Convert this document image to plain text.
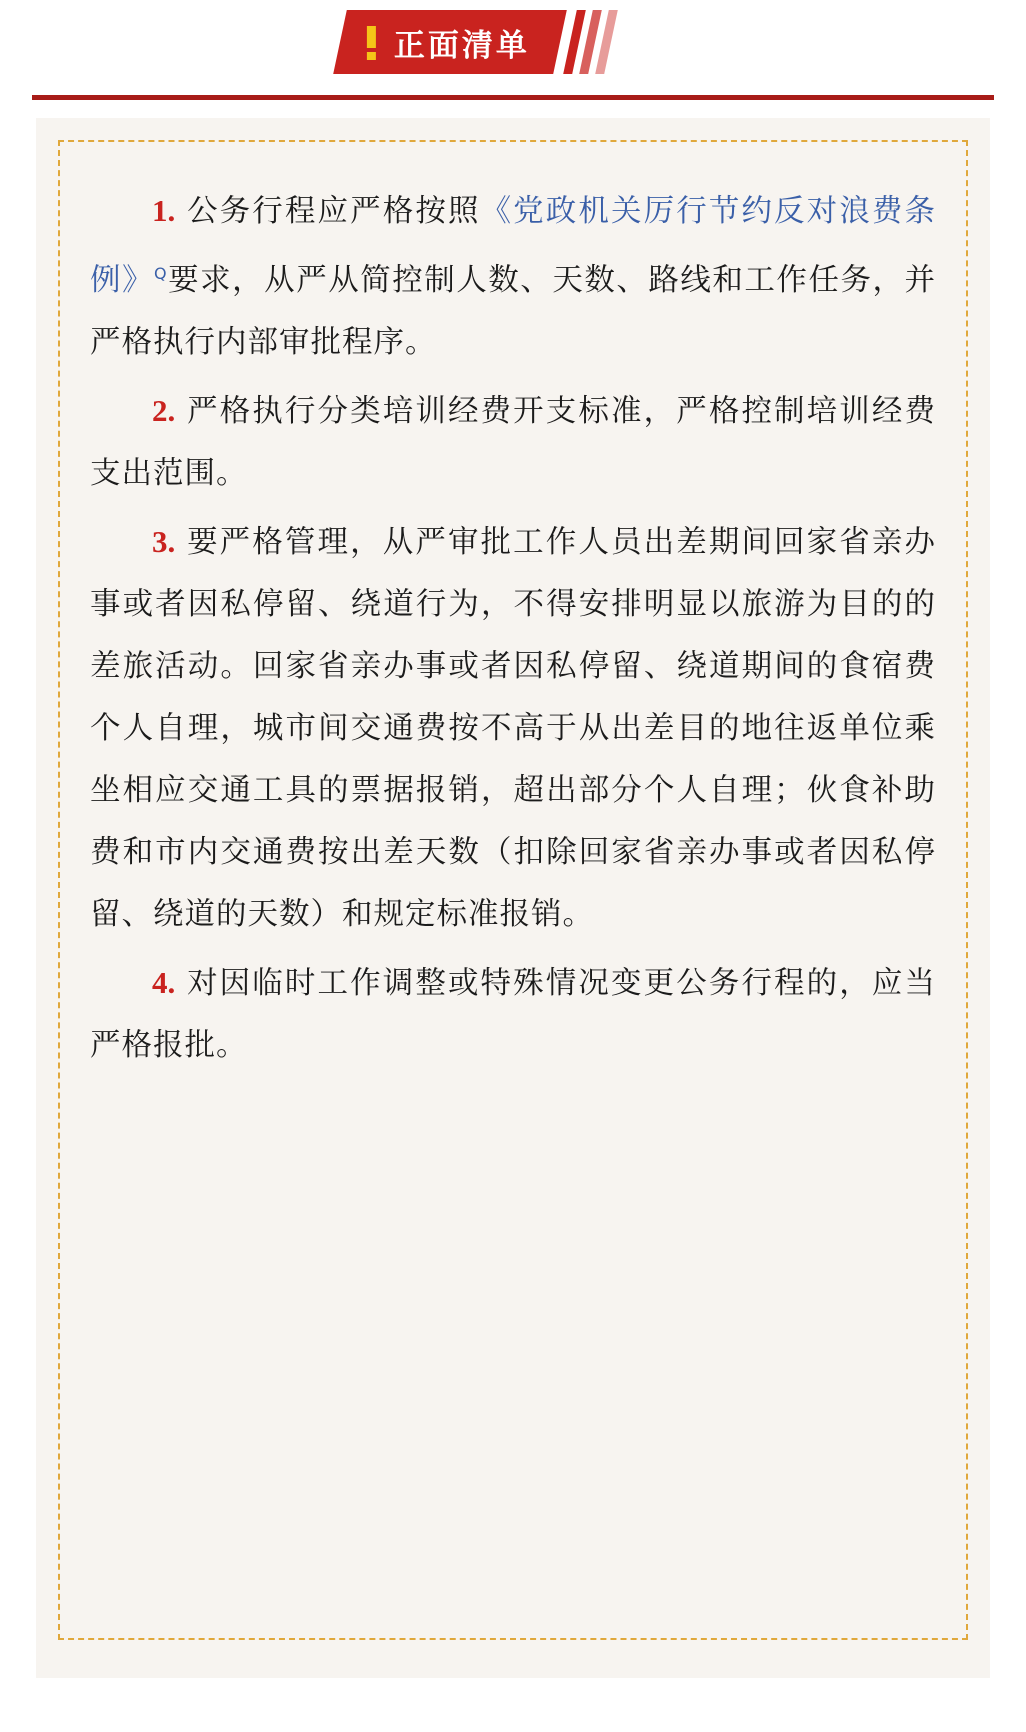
正面清单

1. 公务行程应严格按照《党政机关厉行节约反对浪费条例》$^Q$要求，从严从简控制人数、天数、路线和工作任务，并严格执行内部审批程序。

2. 严格执行分类培训经费开支标准，严格控制培训经费支出范围。

3. 要严格管理，从严审批工作人员出差期间回家省亲办事或者因私停留、绕道行为，不得安排明显以旅游为目的的差旅活动。回家省亲办事或者因私停留、绕道期间的食宿费个人自理，城市间交通费按不高于从出差目的地往返单位乘坐相应交通工具的票据报销，超出部分个人自理；伙食补助费和市内交通费按出差天数（扣除回家省亲办事或者因私停留、绕道的天数）和规定标准报销。

4. 对因临时工作调整或特殊情况变更公务行程的，应当严格报批。
